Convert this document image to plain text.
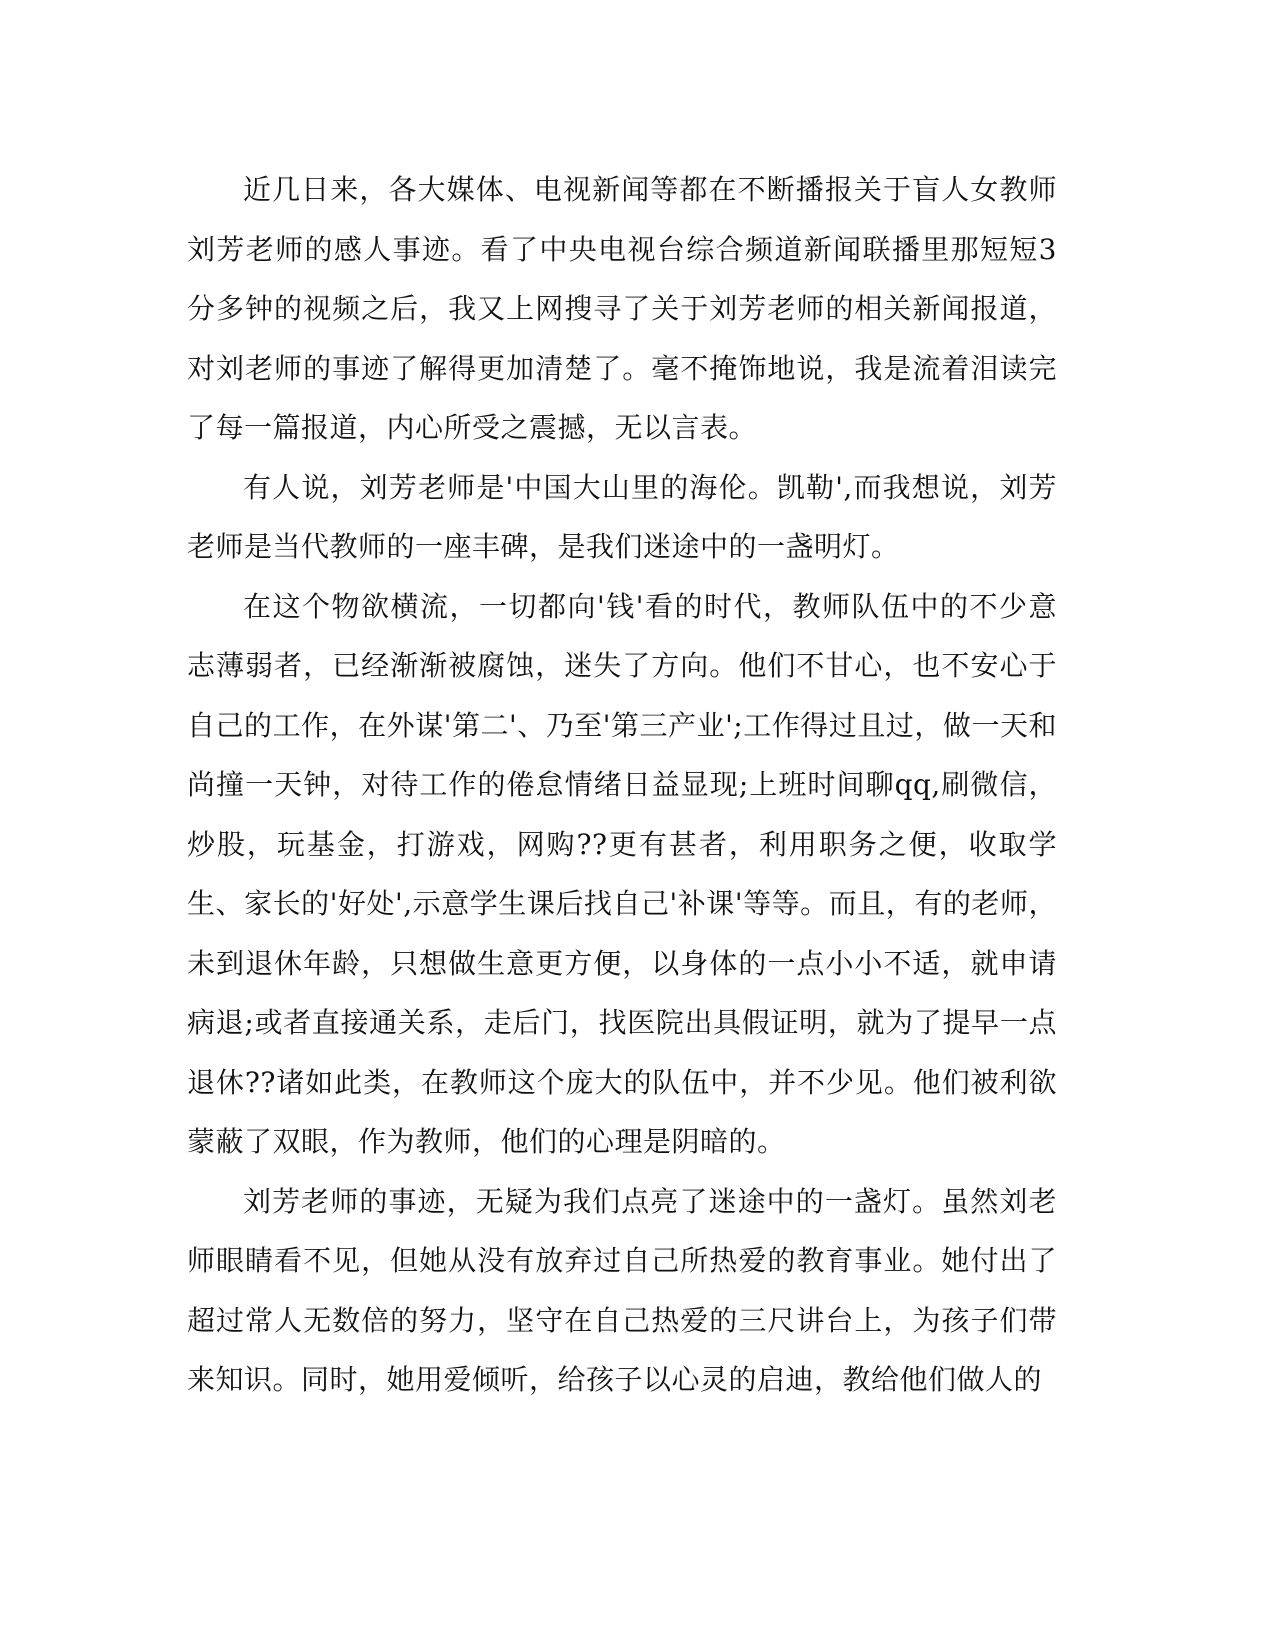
近几日来，各大媒体、电视新闻等都在不断播报关于盲人女教师刘芳老师的感人事迹。看了中央电视台综合频道新闻联播里那短短3分多钟的视频之后，我又上网搜寻了关于刘芳老师的相关新闻报道，对刘老师的事迹了解得更加清楚了。毫不掩饰地说，我是流着泪读完了每一篇报道，内心所受之震撼，无以言表。

有人说，刘芳老师是'中国大山里的海伦。凯勒',而我想说，刘芳老师是当代教师的一座丰碑，是我们迷途中的一盏明灯。

在这个物欲横流，一切都向'钱'看的时代，教师队伍中的不少意志薄弱者，已经渐渐被腐蚀，迷失了方向。他们不甘心，也不安心于自己的工作，在外谋'第二'、乃至'第三产业';工作得过且过，做一天和尚撞一天钟，对待工作的倦怠情绪日益显现;上班时间聊qq,刷微信，炒股，玩基金，打游戏，网购??更有甚者，利用职务之便，收取学生、家长的'好处',示意学生课后找自己'补课'等等。而且，有的老师，未到退休年龄，只想做生意更方便，以身体的一点小小不适，就申请病退;或者直接通关系，走后门，找医院出具假证明，就为了提早一点退休??诸如此类，在教师这个庞大的队伍中，并不少见。他们被利欲蒙蔽了双眼，作为教师，他们的心理是阴暗的。

刘芳老师的事迹，无疑为我们点亮了迷途中的一盏灯。虽然刘老师眼睛看不见，但她从没有放弃过自己所热爱的教育事业。她付出了超过常人无数倍的努力，坚守在自己热爱的三尺讲台上，为孩子们带来知识。同时，她用爱倾听，给孩子以心灵的启迪，教给他们做人的
